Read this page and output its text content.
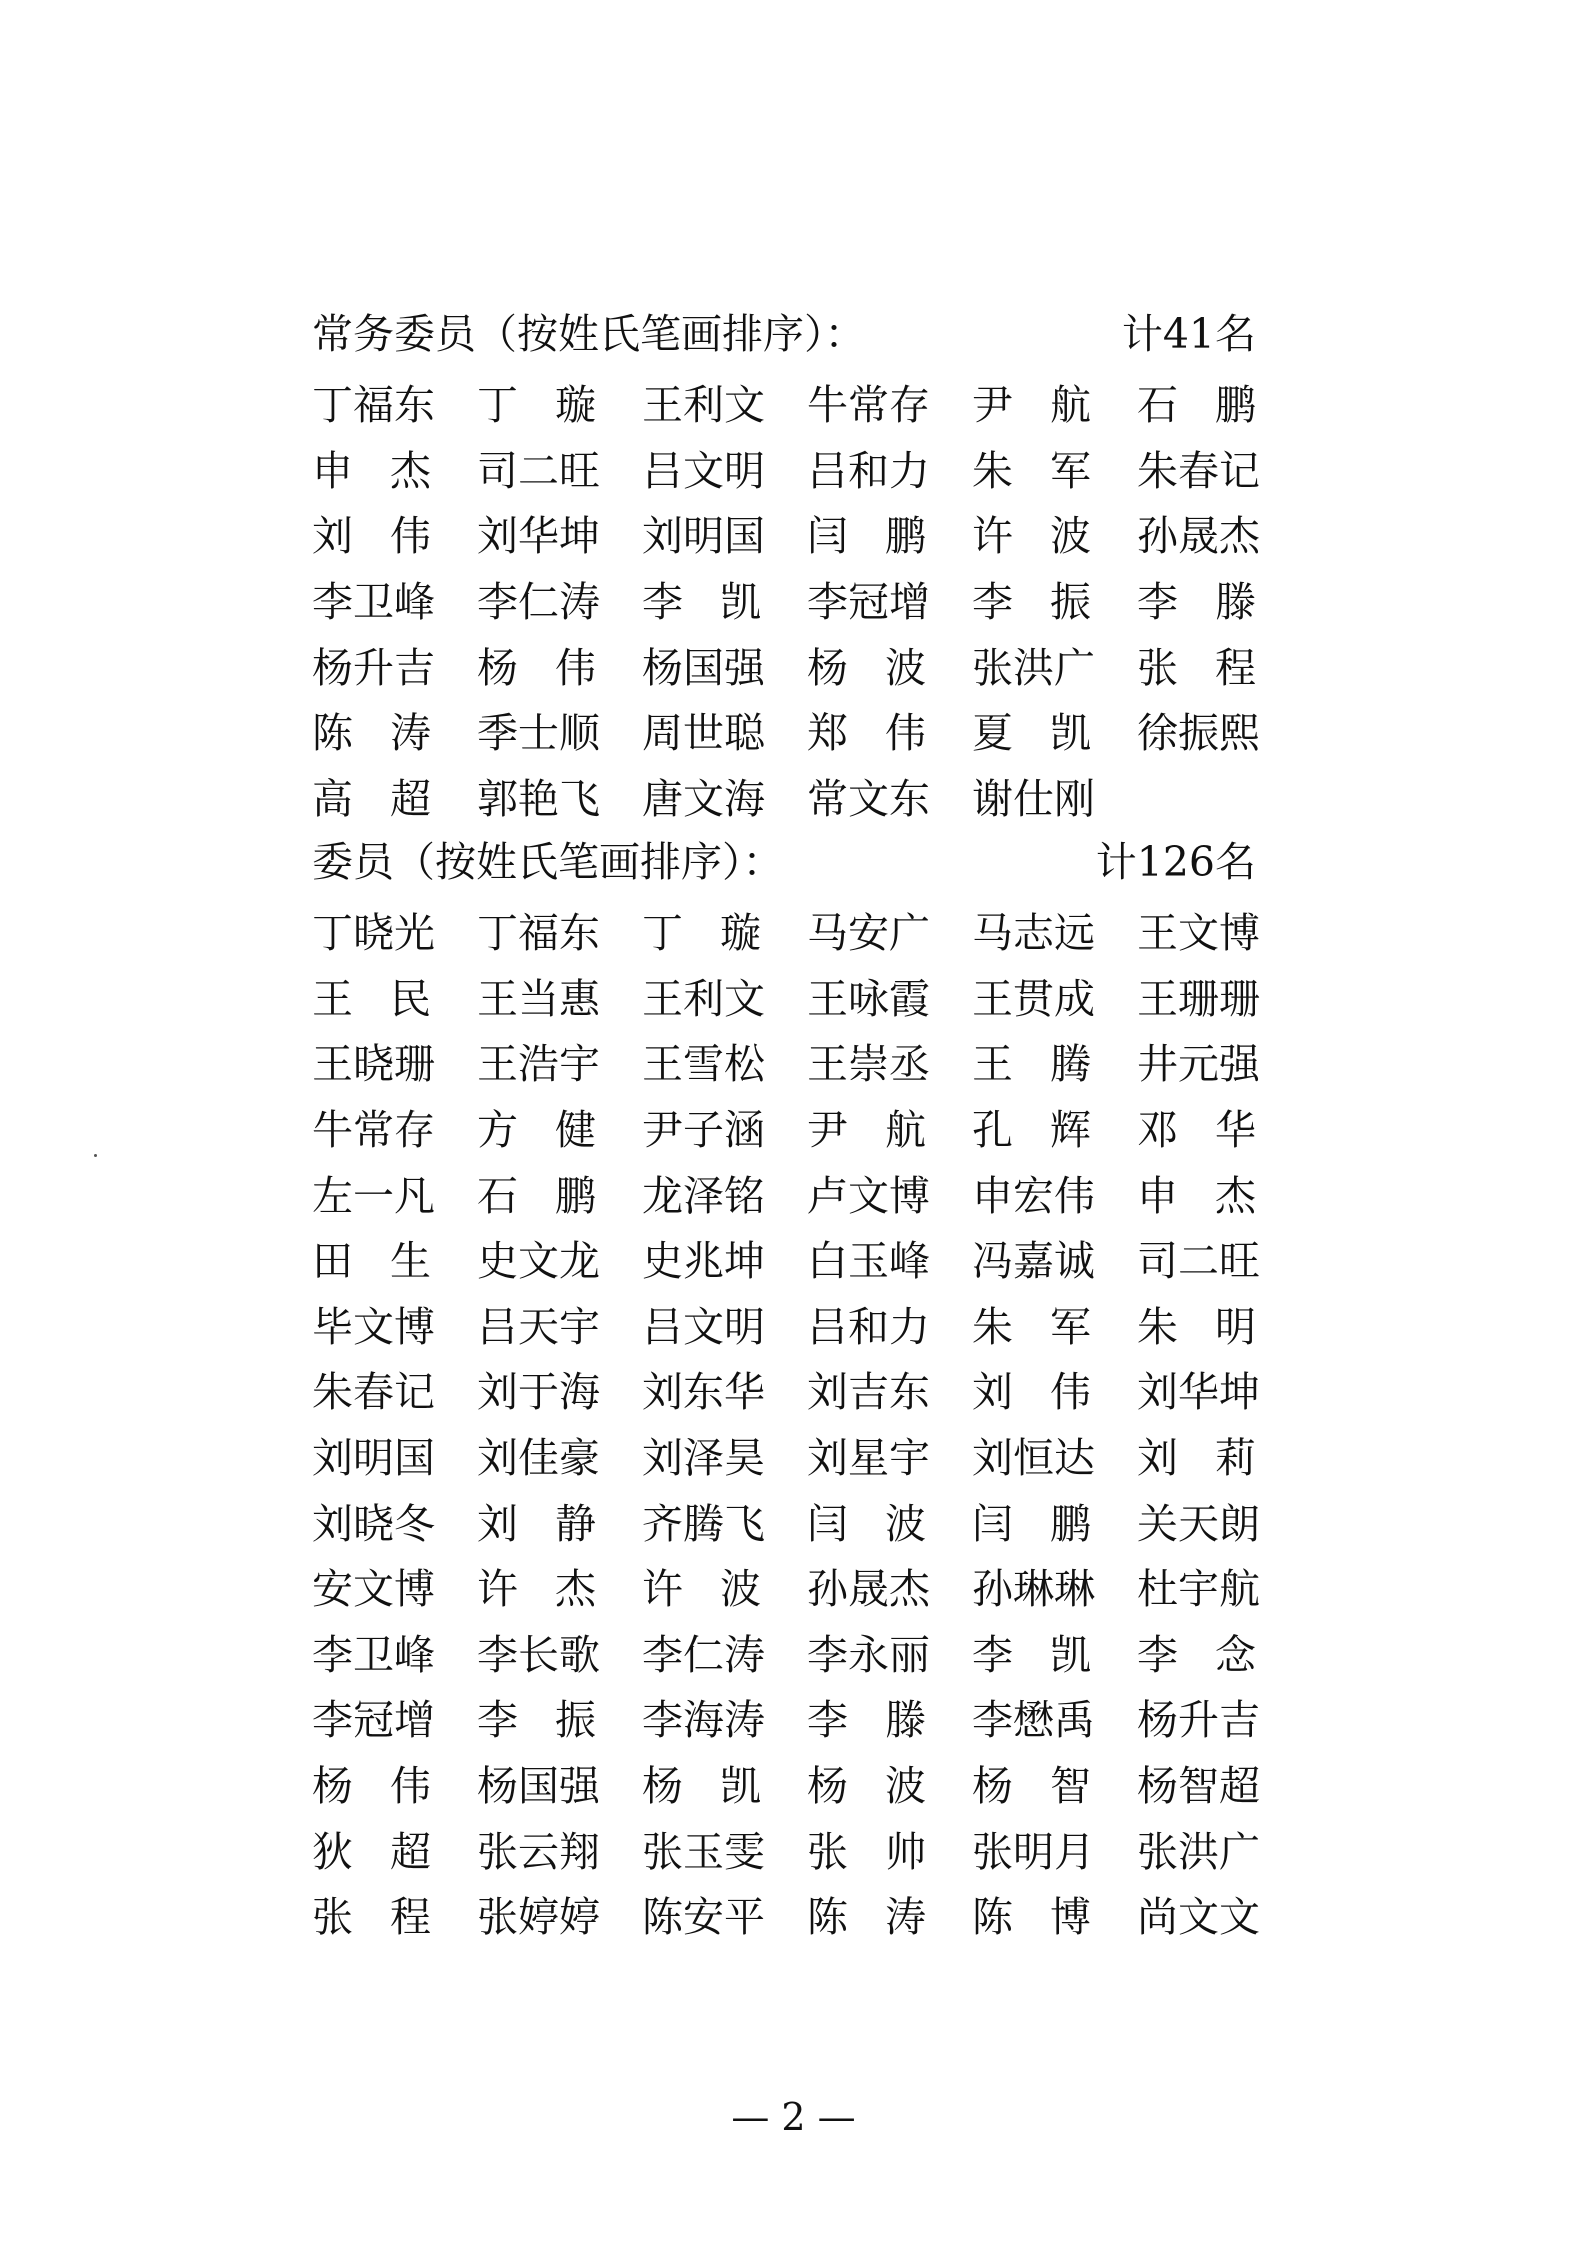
常务委员（按姓氏笔画排序）：	计41名
丁 福 东 丁 璇 王 利 文 牛 常 存 尹 航 石 鹏
申 杰 司 二 旺 吕 文 明 吕 和 力 朱 军 朱 春 记
刘 伟 刘 华 坤 刘 明 国 闫 鹏 许 波 孙 晟 杰
李 卫 峰 李 仁 涛 李 凯 李 冠 增 李 振 李 滕
杨 升 吉 杨 伟 杨 国 强 杨 波 张 洪 广 张 程
陈 涛 季 士 顺 周 世 聪 郑 伟 夏 凯 徐 振 熙
高 超 郭 艳 飞 唐 文 海 常 文 东 谢 仕 刚
委员（按姓氏笔画排序）：	计126名
丁 晓 光 丁 福 东 丁 璇 马 安 广 马 志 远 王 文 博
王 民 王 当 惠 王 利 文 王 咏 霞 王 贯 成 王 珊 珊
王 晓 珊 王 浩 宇 王 雪 松 王 崇 丞 王 腾 井 元 强
牛 常 存 方 健 尹 子 涵 尹 航 孔 辉 邓 华
左 一 凡 石 鹏 龙 泽 铭 卢 文 博 申 宏 伟 申 杰
田 生 史 文 龙 史 兆 坤 白 玉 峰 冯 嘉 诚 司 二 旺
毕 文 博 吕 天 宇 吕 文 明 吕 和 力 朱 军 朱 明
朱 春 记 刘 于 海 刘 东 华 刘 吉 东 刘 伟 刘 华 坤
刘 明 国 刘 佳 豪 刘 泽 昊 刘 星 宇 刘 恒 达 刘 莉
刘 晓 冬 刘 静 齐 腾 飞 闫 波 闫 鹏 关 天 朗
安 文 博 许 杰 许 波 孙 晟 杰 孙 琳 琳 杜 宇 航
李 卫 峰 李 长 歌 李 仁 涛 李 永 丽 李 凯 李 念
李 冠 增 李 振 李 海 涛 李 滕 李 懋 禹 杨 升 吉
杨 伟 杨 国 强 杨 凯 杨 波 杨 智 杨 智 超
狄 超 张 云 翔 张 玉 雯 张 帅 张 明 月 张 洪 广
张 程 张 婷 婷 陈 安 平 陈 涛 陈 博 尚 文 文
— 2 —
